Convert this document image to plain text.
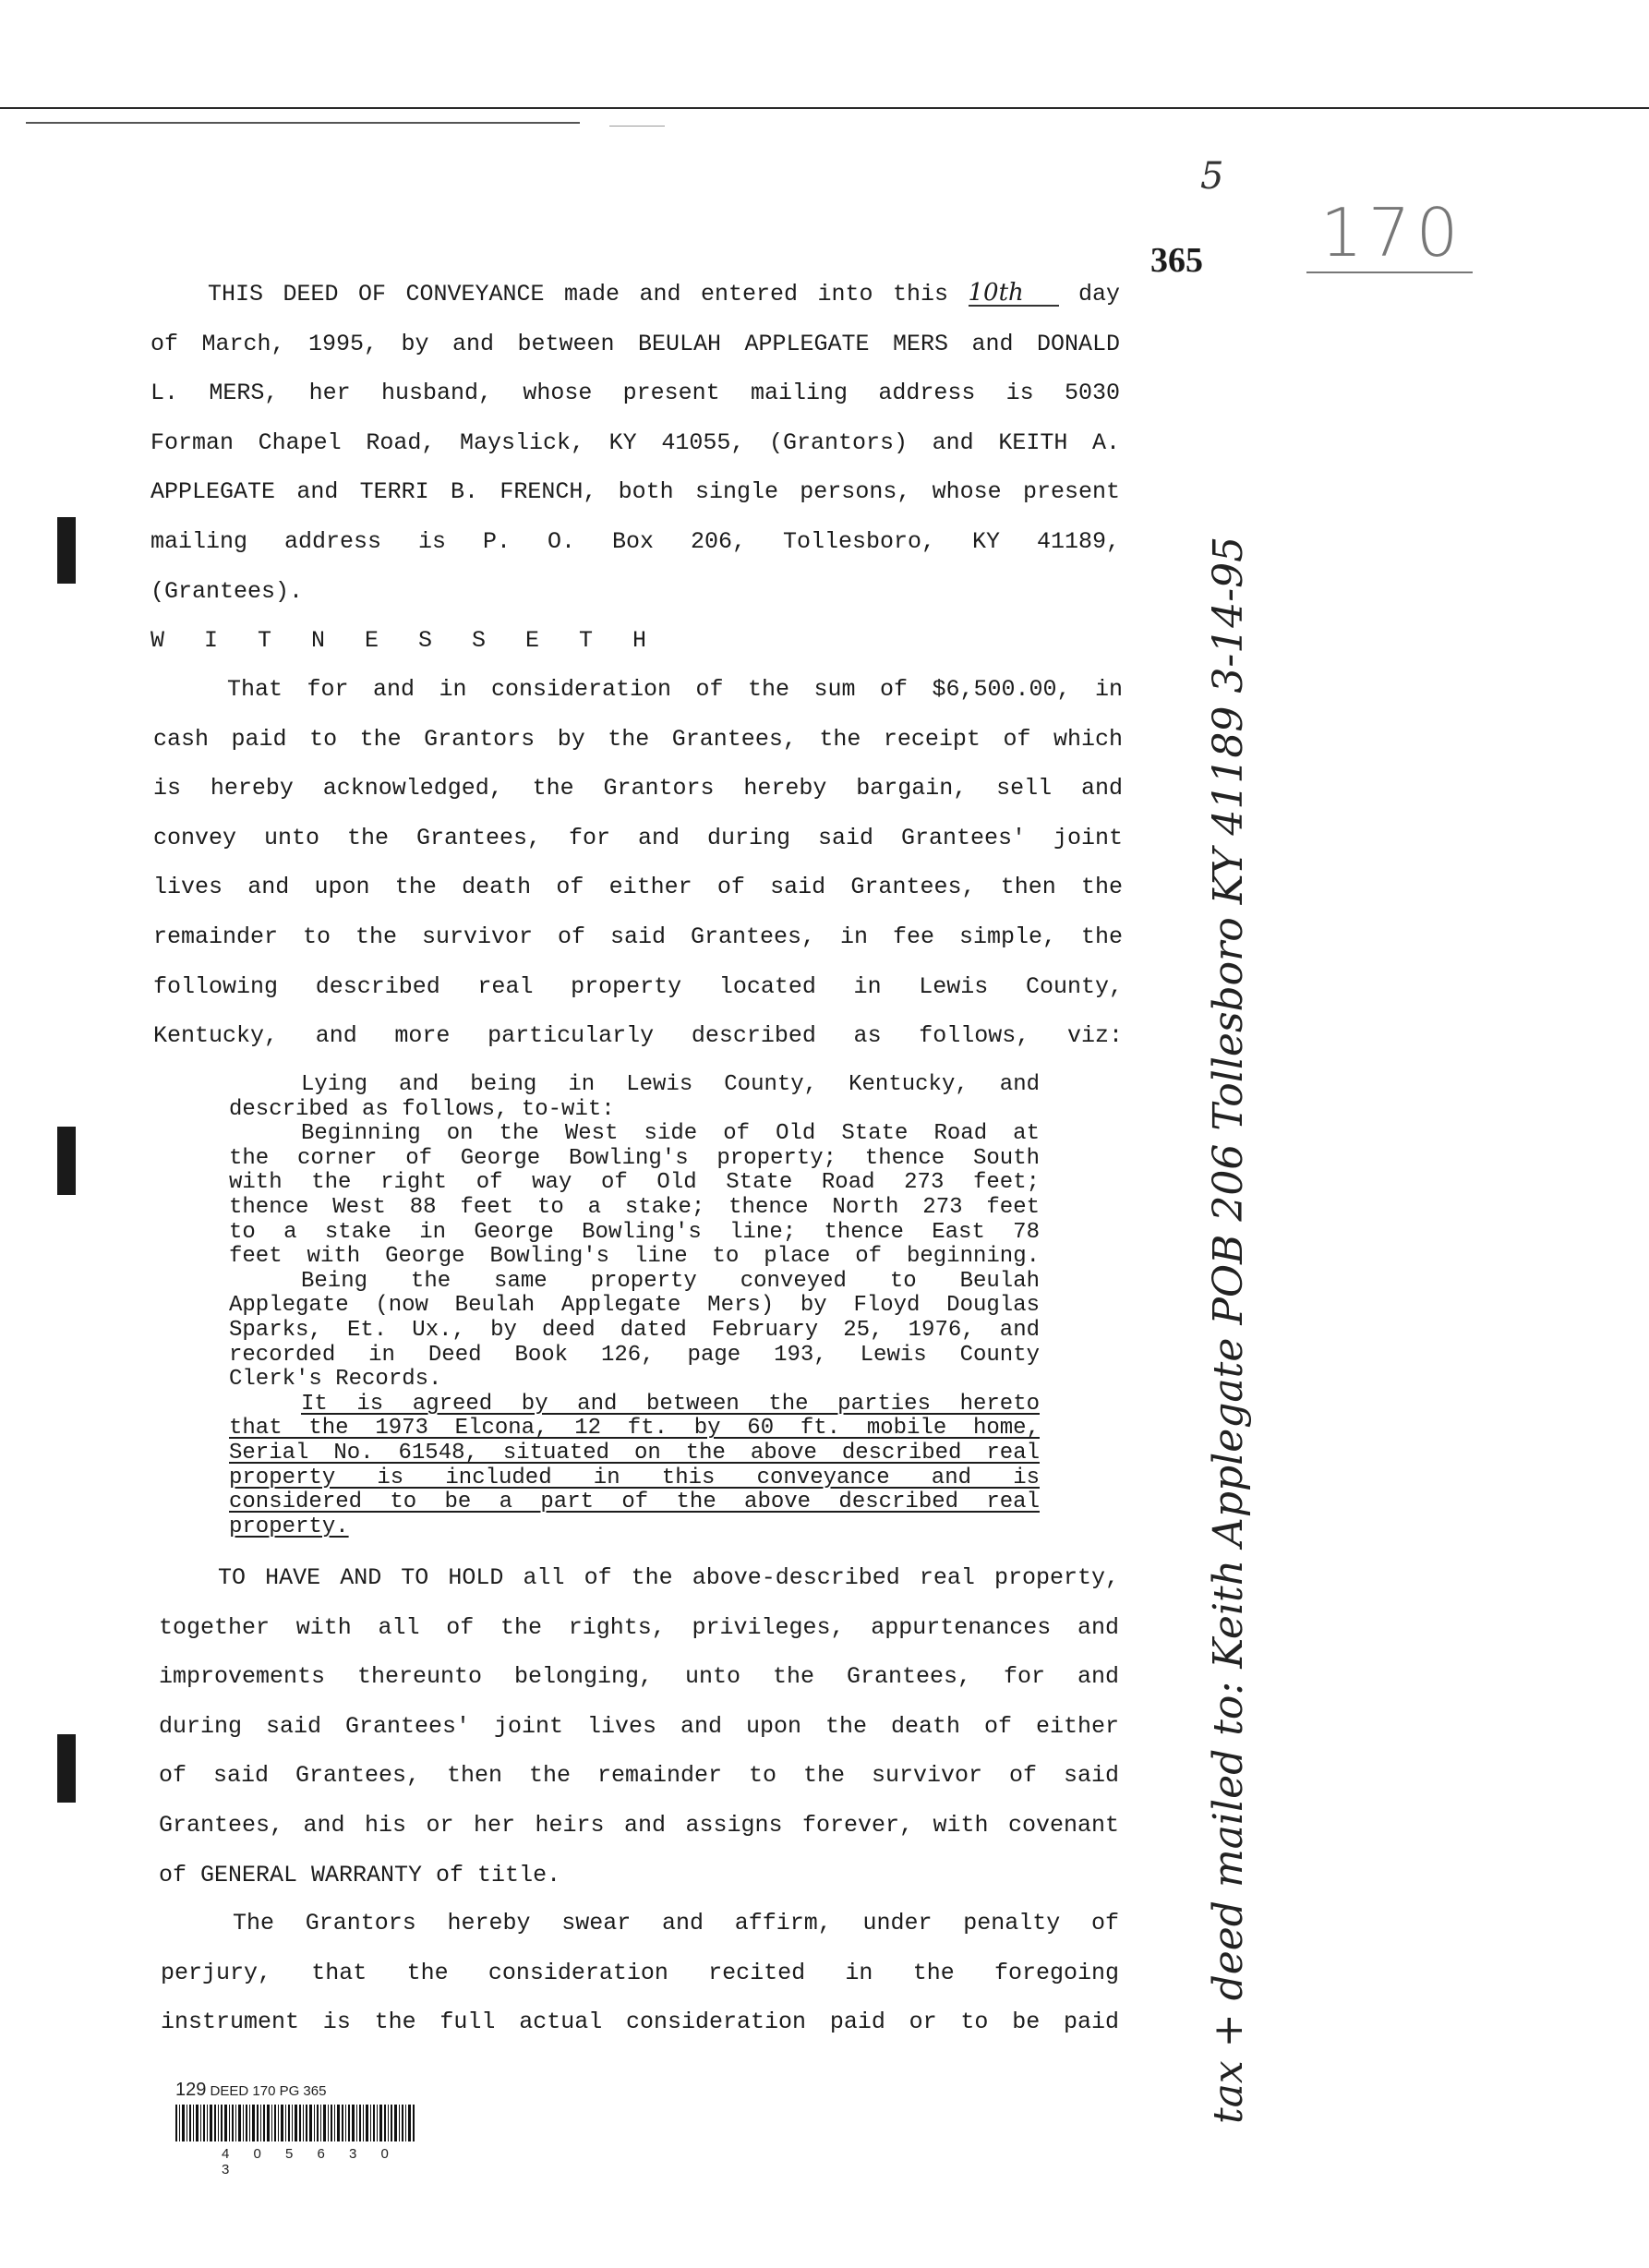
5
365 170
THIS DEED OF CONVEYANCE made and entered into this 10th day
of March, 1995, by and between BEULAH APPLEGATE MERS and DONALD
L. MERS, her husband, whose present mailing address is 5030
Forman Chapel Road, Mayslick, KY 41055, (Grantors) and KEITH A.
APPLEGATE and TERRI B. FRENCH, both single persons, whose present
mailing address is P. O. Box 206, Tollesboro, KY 41189,
(Grantees).
W I T N E S S E T H
That for and in consideration of the sum of $6,500.00, in
cash paid to the Grantors by the Grantees, the receipt of which
is hereby acknowledged, the Grantors hereby bargain, sell and
convey unto the Grantees, for and during said Grantees' joint
lives and upon the death of either of said Grantees, then the
remainder to the survivor of said Grantees, in fee simple, the
following described real property located in Lewis County,
Kentucky, and more particularly described as follows, viz:
Lying and being in Lewis County, Kentucky, and
described as follows, to-wit:
Beginning on the West side of Old State Road at
the corner of George Bowling's property; thence South
with the right of way of Old State Road 273 feet;
thence West 88 feet to a stake; thence North 273 feet
to a stake in George Bowling's line; thence East 78
feet with George Bowling's line to place of beginning.
Being the same property conveyed to Beulah
Applegate (now Beulah Applegate Mers) by Floyd Douglas
Sparks, Et. Ux., by deed dated February 25, 1976, and
recorded in Deed Book 126, page 193, Lewis County
Clerk's Records.
It is agreed by and between the parties hereto
that the 1973 Elcona, 12 ft. by 60 ft. mobile home,
Serial No. 61548, situated on the above described real
property is included in this conveyance and is
considered to be a part of the above described real
property.
TO HAVE AND TO HOLD all of the above-described real property,
together with all of the rights, privileges, appurtenances and
improvements thereunto belonging, unto the Grantees, for and
during said Grantees' joint lives and upon the death of either
of said Grantees, then the remainder to the survivor of said
Grantees, and his or her heirs and assigns forever, with covenant
of GENERAL WARRANTY of title.
The Grantors hereby swear and affirm, under penalty of
perjury, that the consideration recited in the foregoing
instrument is the full actual consideration paid or to be paid tax + deed mailed to: Keith Applegate POB 206 Tollesboro KY 41189 3-14-95
129 DEED 170 PG 365
4 0 5 6 3 0 3
